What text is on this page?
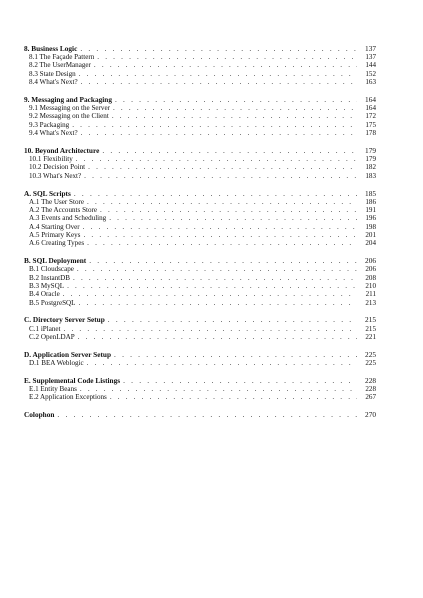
8. Business Logic . . .	137
8.1 The Façade Pattern . . .	137
8.2 The UserManager . . .	144
8.3 State Design . . .	152
8.4 What's Next? . . .	163
9. Messaging and Packaging . . .	164
9.1 Messaging on the Server . . .	164
9.2 Messaging on the Client . . .	172
9.3 Packaging . . .	175
9.4 What's Next? . . .	178
10. Beyond Architecture . . .	179
10.1 Flexibility . . .	179
10.2 Decision Point . . .	182
10.3 What's Next? . . .	183
A. SQL Scripts . . .	185
A.1 The User Store . . .	186
A.2 The Accounts Store . . .	191
A.3 Events and Scheduling . . .	196
A.4 Starting Over . . .	198
A.5 Primary Keys . . .	201
A.6 Creating Types . . .	204
B. SQL Deployment . . .	206
B.1 Cloudscape . . .	206
B.2 InstantDB . . .	208
B.3 MySQL . . .	210
B.4 Oracle . . .	211
B.5 PostgreSQL . . .	213
C. Directory Server Setup . . .	215
C.1 iPlanet . . .	215
C.2 OpenLDAP . . .	221
D. Application Server Setup . . .	225
D.1 BEA Weblogic . . .	225
E. Supplemental Code Listings . . .	228
E.1 Entity Beans . . .	228
E.2 Application Exceptions . . .	267
Colophon . . .	270
